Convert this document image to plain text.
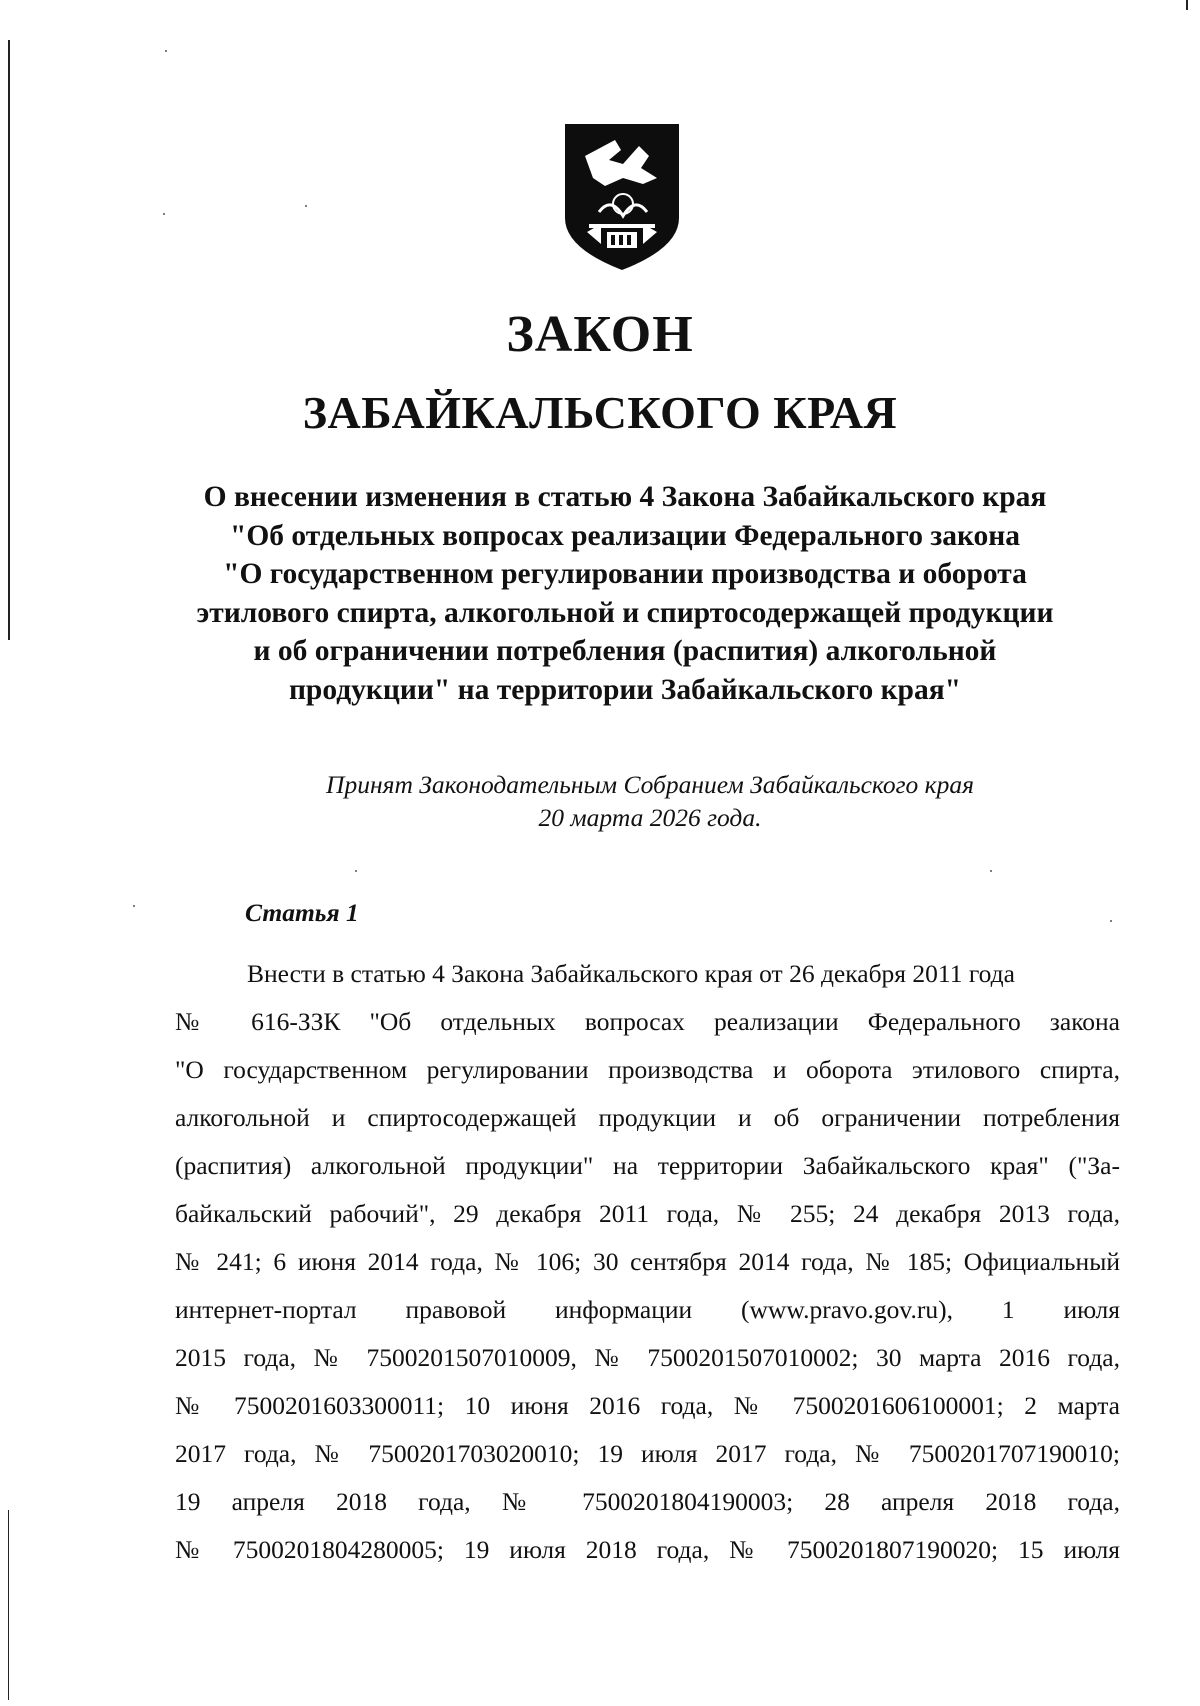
ЗАКОН
ЗАБАЙКАЛЬСКОГО КРАЯ
О внесении изменения в статью 4 Закона Забайкальского края
"Об отдельных вопросах реализации Федерального закона
"О государственном регулировании производства и оборота
этилового спирта, алкогольной и спиртосодержащей продукции
и об ограничении потребления (распития) алкогольной
продукции" на территории Забайкальского края"
Принят Законодательным Собранием Забайкальского края
20 марта 2026 года.
Статья 1
Внести в статью 4 Закона Забайкальского края от 26 декабря 2011 года
№ 616-ЗЗК "Об отдельных вопросах реализации Федерального закона
"О государственном регулировании производства и оборота этилового спирта,
алкогольной и спиртосодержащей продукции и об ограничении потребления
(распития) алкогольной продукции" на территории Забайкальского края" ("За-
байкальский рабочий", 29 декабря 2011 года, № 255; 24 декабря 2013 года,
№ 241; 6 июня 2014 года, № 106; 30 сентября 2014 года, № 185; Официальный
интернет-портал правовой информации (www.pravo.gov.ru), 1 июля
2015 года, № 7500201507010009, № 7500201507010002; 30 марта 2016 года,
№ 7500201603300011; 10 июня 2016 года, № 7500201606100001; 2 марта
2017 года, № 7500201703020010; 19 июля 2017 года, № 7500201707190010;
19 апреля 2018 года, № 7500201804190003; 28 апреля 2018 года,
№ 7500201804280005; 19 июля 2018 года, № 7500201807190020; 15 июля
